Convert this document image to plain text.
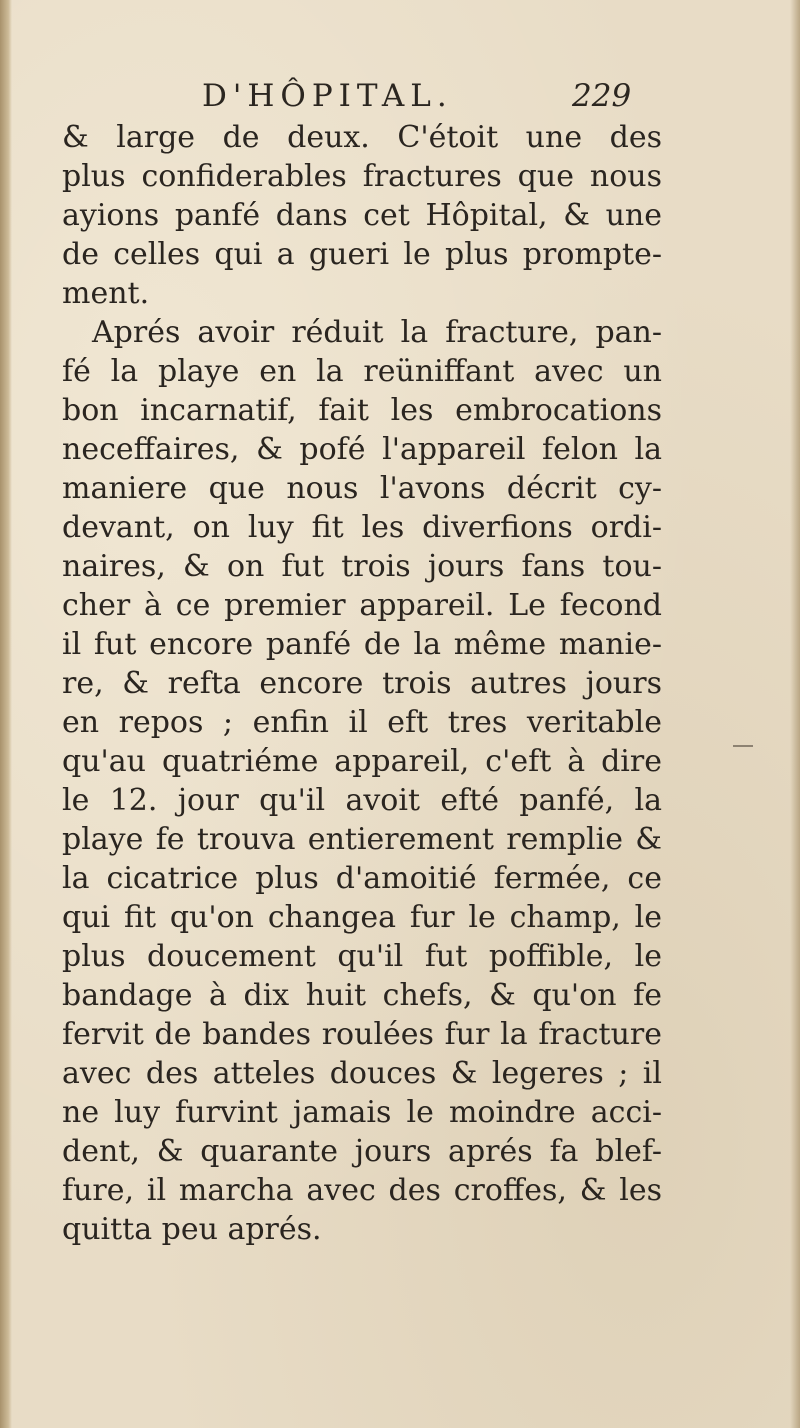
D'HÔPITAL.	229
& large de deux. C'étoit une des
plus confiderables fractures que nous
ayions panfé dans cet Hôpital, & une
de celles qui a gueri le plus prompte-
ment.
Aprés avoir réduit la fracture, pan-
fé la playe en la reüniffant avec un
bon incarnatif, fait les embrocations
neceffaires, & pofé l'appareil felon la
maniere que nous l'avons décrit cy-
devant, on luy fit les diverfions ordi-
naires, & on fut trois jours fans tou-
cher à ce premier appareil. Le fecond
il fut encore panfé de la même manie-
re, & refta encore trois autres jours
en repos ; enfin il eft tres veritable
qu'au quatriéme appareil, c'eft à dire
le 12. jour qu'il avoit efté panfé, la
playe fe trouva entierement remplie &
la cicatrice plus d'amoitié fermée, ce
qui fit qu'on changea fur le champ, le
plus doucement qu'il fut poffible, le
bandage à dix huit chefs, & qu'on fe
fervit de bandes roulées fur la fracture
avec des atteles douces & legeres ; il
ne luy furvint jamais le moindre acci-
dent, & quarante jours aprés fa blef-
fure, il marcha avec des croffes, & les
quitta peu aprés.
